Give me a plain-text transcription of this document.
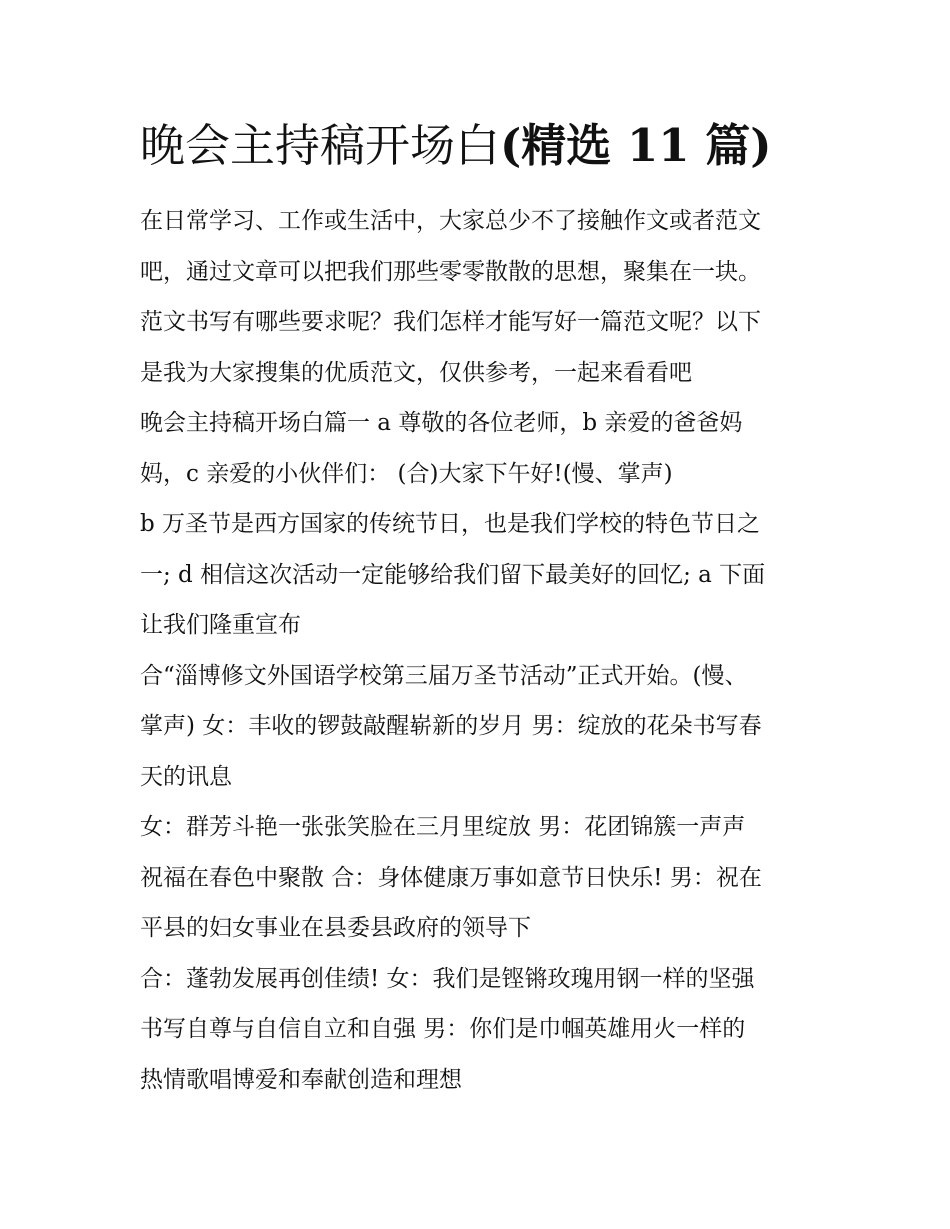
晚会主持稿开场白(精选 11 篇)
在日常学习、工作或生活中，大家总少不了接触作文或者范文
吧，通过文章可以把我们那些零零散散的思想，聚集在一块。
范文书写有哪些要求呢？我们怎样才能写好一篇范文呢？以下
是我为大家搜集的优质范文，仅供参考，一起来看看吧
晚会主持稿开场白篇一 a 尊敬的各位老师，b 亲爱的爸爸妈
妈，c 亲爱的小伙伴们： (合)大家下午好!(慢、掌声)
b 万圣节是西方国家的传统节日，也是我们学校的特色节日之
一; d 相信这次活动一定能够给我们留下最美好的回忆; a 下面
让我们隆重宣布
合“淄博修文外国语学校第三届万圣节活动”正式开始。(慢、
掌声) 女：丰收的锣鼓敲醒崭新的岁月 男：绽放的花朵书写春
天的讯息
女：群芳斗艳一张张笑脸在三月里绽放 男：花团锦簇一声声
祝福在春色中聚散 合：身体健康万事如意节日快乐! 男：祝在
平县的妇女事业在县委县政府的领导下
合：蓬勃发展再创佳绩! 女：我们是铿锵玫瑰用钢一样的坚强
书写自尊与自信自立和自强 男：你们是巾帼英雄用火一样的
热情歌唱博爱和奉献创造和理想
